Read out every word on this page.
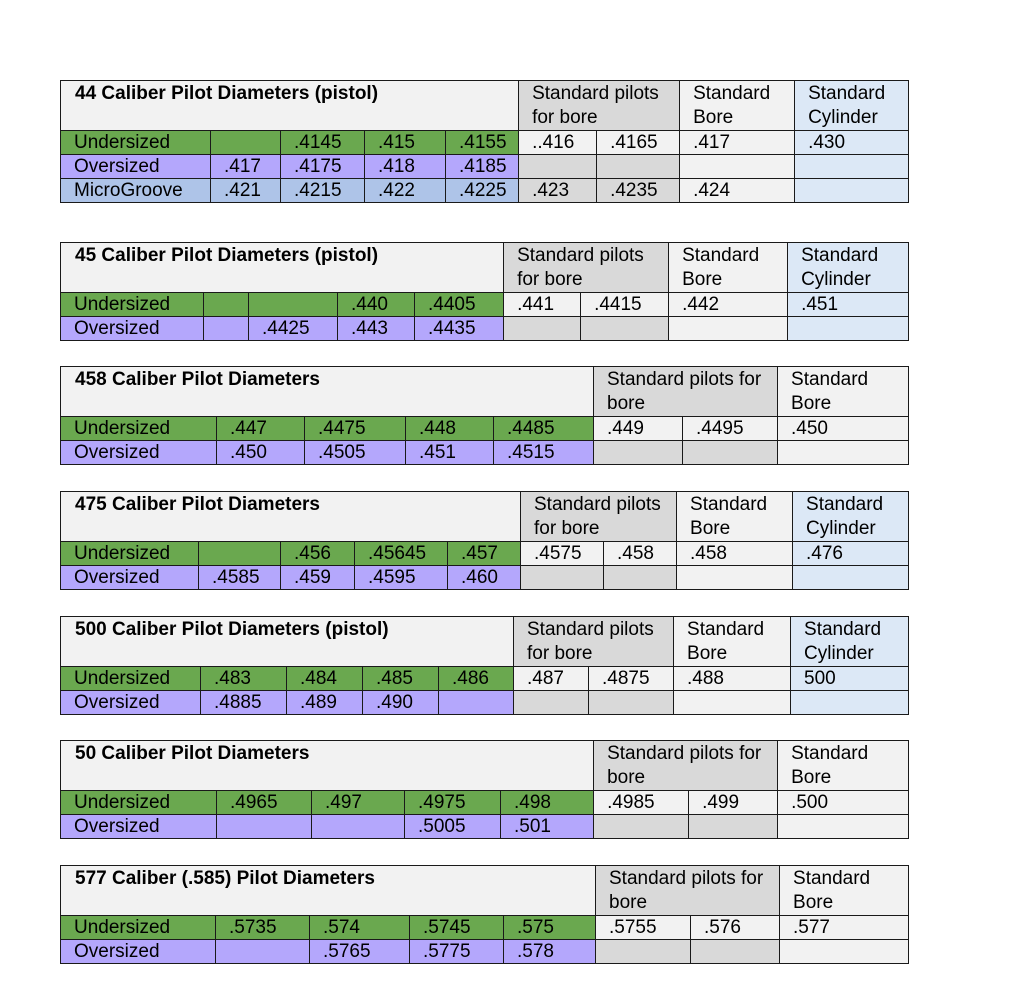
44 Caliber Pilot Diameters (pistol)					Standard pilots for bore		Standard Bore	Standard Cylinder
Undersized		.4145	.415	.4155	..416	.4165	.417	.430
Oversized	.417	.4175	.418	.4185				
MicroGroove	.421	.4215	.422	.4225	.423	.4235	.424	
45 Caliber Pilot Diameters (pistol)					Standard pilots for bore		Standard Bore	Standard Cylinder
Undersized			.440	.4405	.441	.4415	.442	.451
Oversized		.4425	.443	.4435				
458 Caliber Pilot Diameters					Standard pilots for bore		Standard Bore
Undersized	.447	.4475	.448	.4485	.449	.4495	.450
Oversized	.450	.4505	.451	.4515			
475 Caliber Pilot Diameters					Standard pilots for bore		Standard Bore	Standard Cylinder
Undersized		.456	.45645	.457	.4575	.458	.458	.476
Oversized	.4585	.459	.4595	.460				
500 Caliber Pilot Diameters (pistol)					Standard pilots for bore		Standard Bore	Standard Cylinder
Undersized	.483	.484	.485	.486	.487	.4875	.488	500
Oversized	.4885	.489	.490					
50 Caliber Pilot Diameters					Standard pilots for bore		Standard Bore
Undersized	.4965	.497	.4975	.498	.4985	.499	.500
Oversized			.5005	.501			
577 Caliber (.585) Pilot Diameters					Standard pilots for bore		Standard Bore
Undersized	.5735	.574	.5745	.575	.5755	.576	.577
Oversized		.5765	.5775	.578			
